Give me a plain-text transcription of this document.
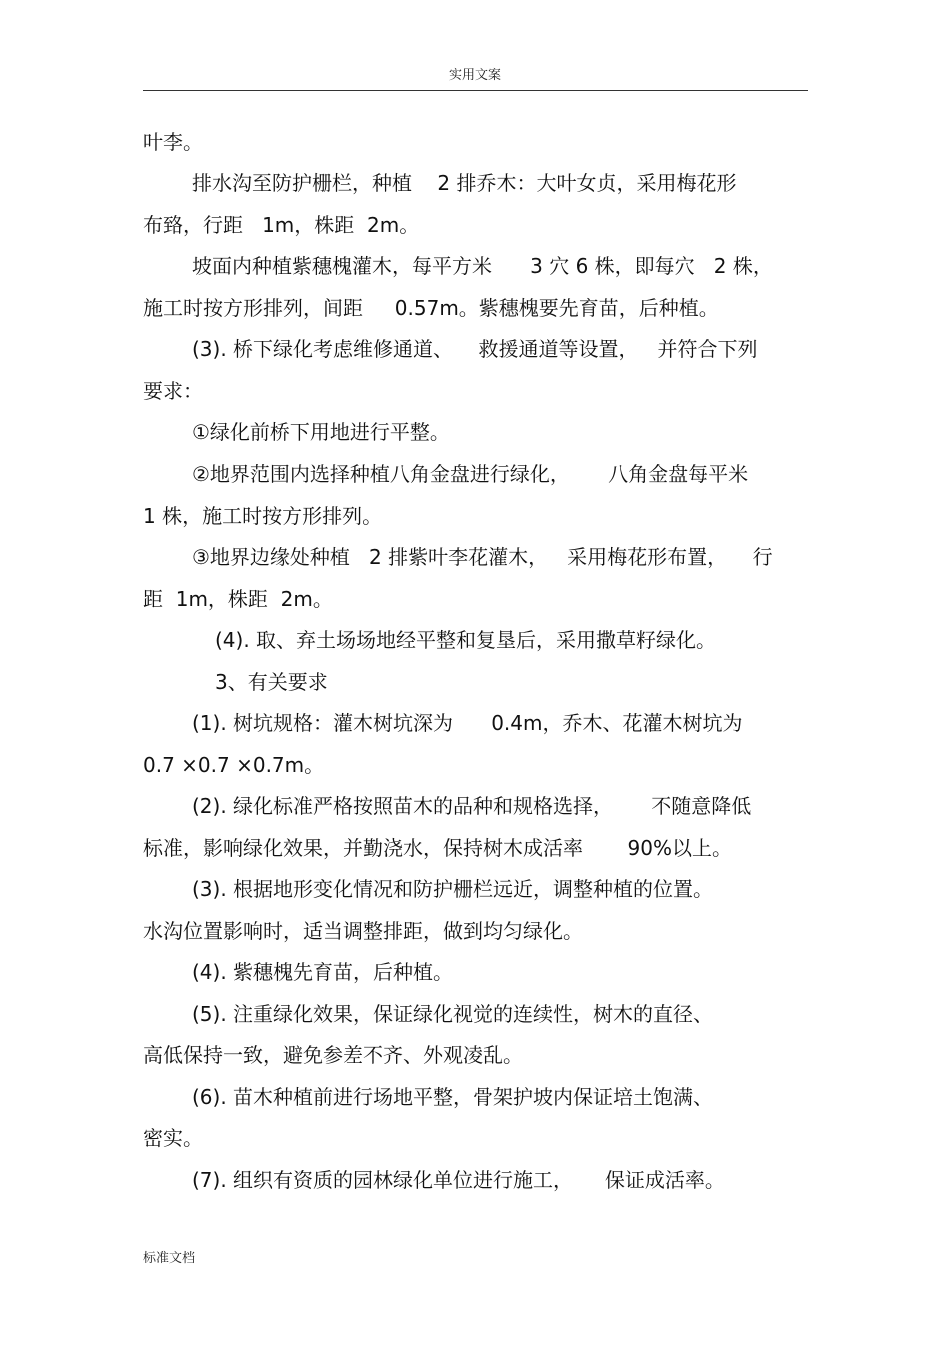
实用文案
叶李。
排水沟至防护栅栏，种植    2 排乔木：大叶女贞，采用梅花形
布臵，行距   1m，株距  2m。
坡面内种植紫穗槐灌木，每平方米      3 穴 6 株，即每穴   2 株，
施工时按方形排列，间距     0.57m。紫穗槐要先育苗，后种植。
(3). 桥下绿化考虑维修通道、    救援通道等设置，   并符合下列
要求：
①绿化前桥下用地进行平整。
②地界范围内选择种植八角金盘进行绿化，      八角金盘每平米
1 株，施工时按方形排列。
③地界边缘处种植   2 排紫叶李花灌木，   采用梅花形布置，    行
距  1m，株距  2m。
(4). 取、弃土场场地经平整和复垦后，采用撒草籽绿化。
3、有关要求
(1). 树坑规格：灌木树坑深为      0.4m，乔木、花灌木树坑为
0.7 ×0.7 ×0.7m。
(2). 绿化标准严格按照苗木的品种和规格选择，      不随意降低
标准，影响绿化效果，并勤浇水，保持树木成活率       90%以上。
(3). 根据地形变化情况和防护栅栏远近，调整种植的位置。
水沟位置影响时，适当调整排距，做到均匀绿化。
(4). 紫穗槐先育苗，后种植。
(5). 注重绿化效果，保证绿化视觉的连续性，树木的直径、
高低保持一致，避免参差不齐、外观凌乱。
(6). 苗木种植前进行场地平整，骨架护坡内保证培土饱满、
密实。
(7). 组织有资质的园林绿化单位进行施工，     保证成活率。
标准文档
